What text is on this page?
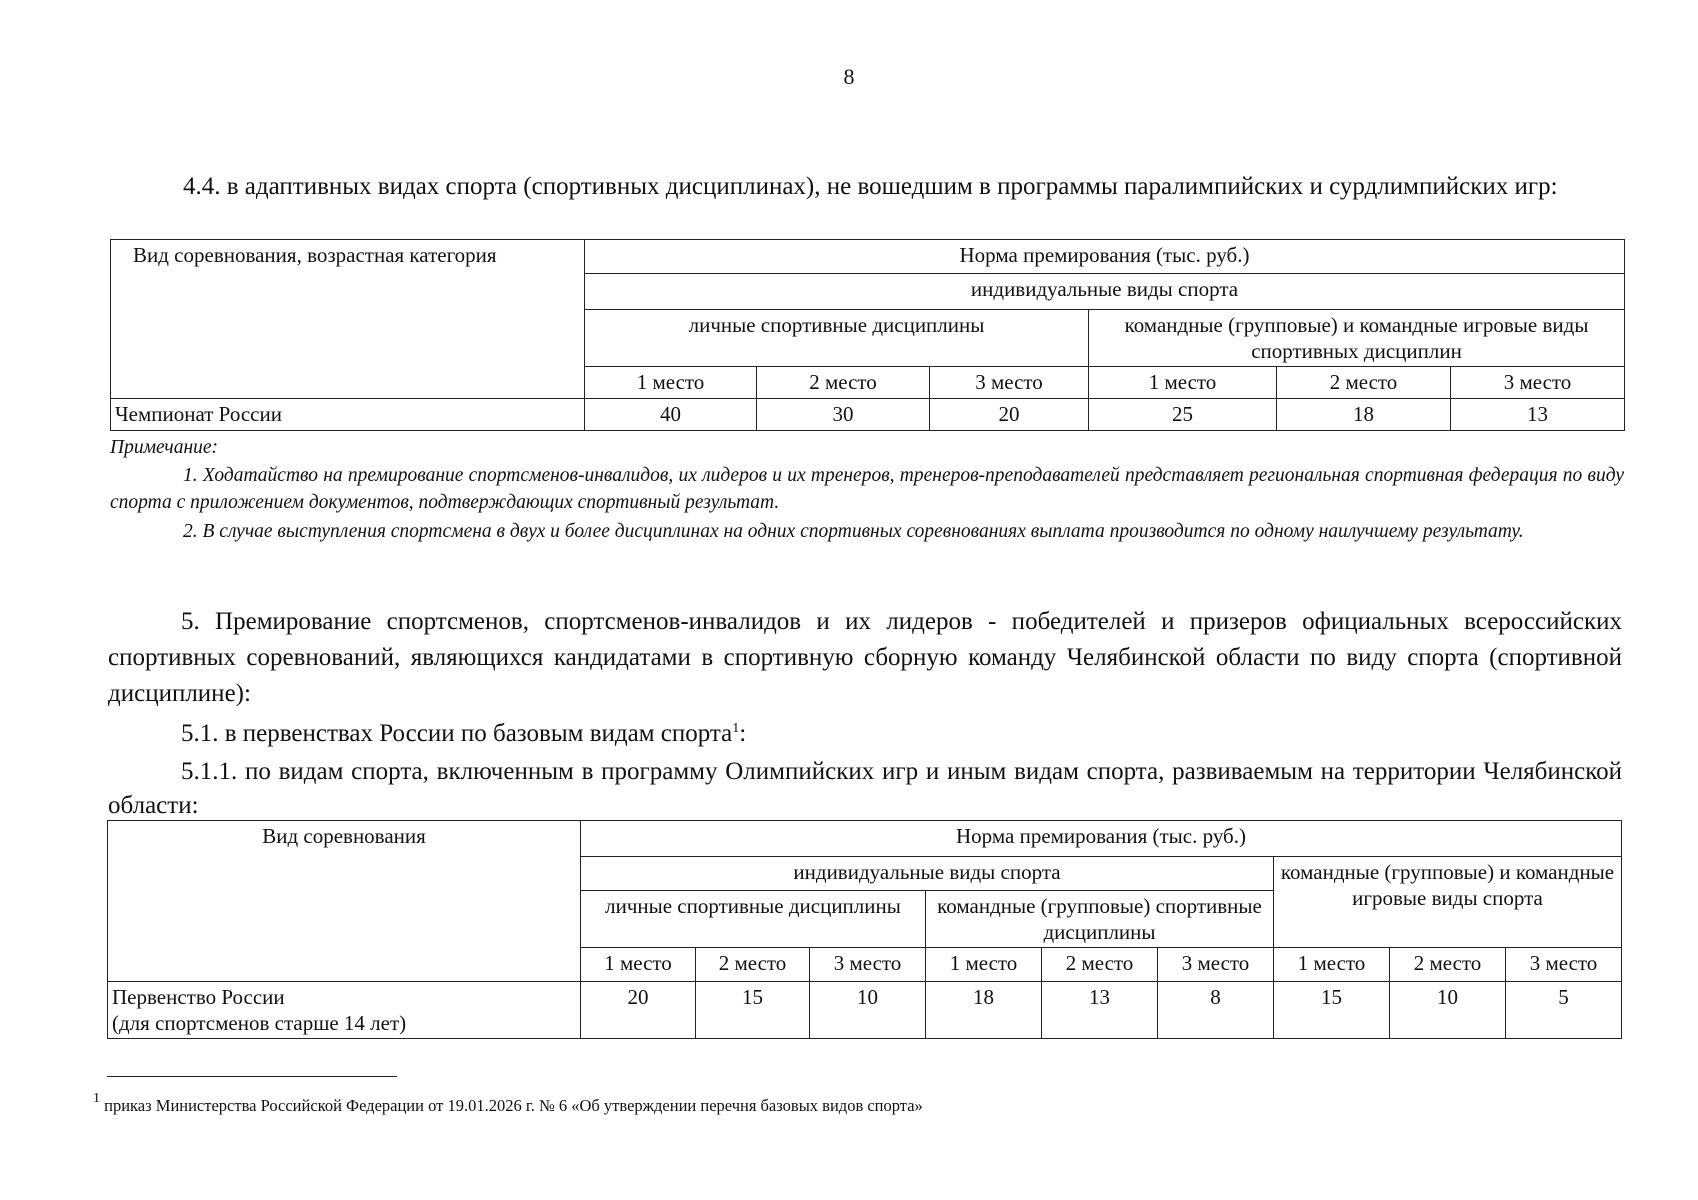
8
4.4. в адаптивных видах спорта (спортивных дисциплинах), не вошедшим в программы паралимпийских и сурдлимпийских игр:
Вид соревнования, возрастная категория	Норма премирования (тыс. руб.)					
	индивидуальные виды спорта					
	личные спортивные дисциплины			командные (групповые) и командные игровые виды спортивных дисциплин		
	1 место	2 место	3 место	1 место	2 место	3 место
Чемпионат России	40	30	20	25	18	13
Примечание:
1. Ходатайство на премирование спортсменов-инвалидов, их лидеров и их тренеров, тренеров-преподавателей представляет региональная спортивная федерация по виду спорта с приложением документов, подтверждающих спортивный результат.
2. В случае выступления спортсмена в двух и более дисциплинах на одних спортивных соревнованиях выплата производится по одному наилучшему результату.
5. Премирование спортсменов, спортсменов-инвалидов и их лидеров - победителей и призеров официальных всероссийских спортивных соревнований, являющихся кандидатами в спортивную сборную команду Челябинской области по виду спорта (спортивной дисциплине):
5.1. в первенствах России по базовым видам спорта$^1$:
5.1.1. по видам спорта, включенным в программу Олимпийских игр и иным видам спорта, развиваемым на территории Челябинской области:
Вид соревнования	Норма премирования (тыс. руб.)								
	индивидуальные виды спорта						командные (групповые) и командные игровые виды спорта		
	личные спортивные дисциплины			командные (групповые) спортивные дисциплины					

	1 место	2 место	3 место	1 место	2 место	3 место	1 место	2 место	3 место

Первенство России
(для спортсменов старше 14 лет)	20	15	10	18	13	8	15	10	5
$^1$ приказ Министерства Российской Федерации от 19.01.2026 г. № 6 «Об утверждении перечня базовых видов спорта»
